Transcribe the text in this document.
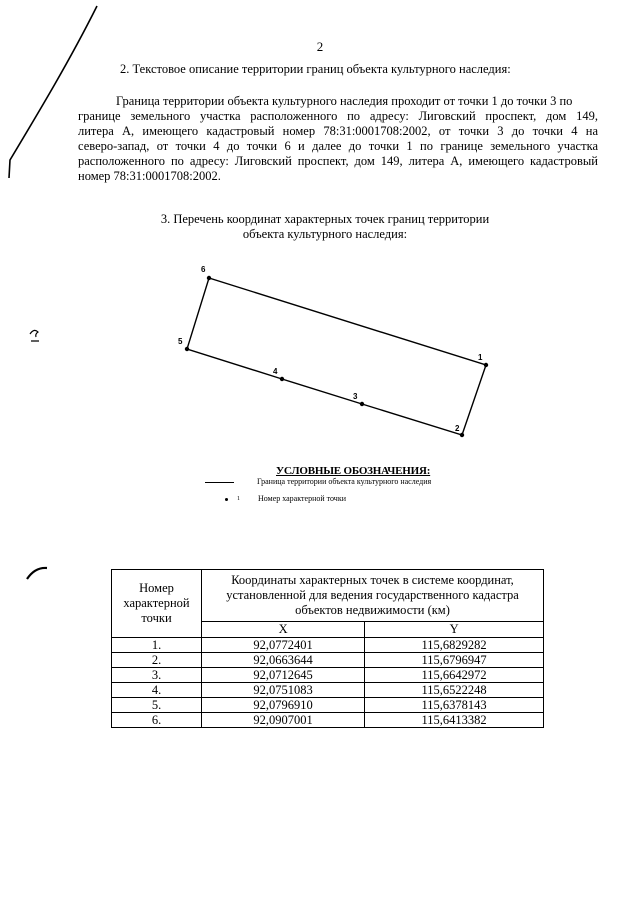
2
2. Текстовое описание территории границ объекта культурного наследия:
Граница территории объекта культурного наследия проходит от точки 1 до точки 3 по
границе земельного участка расположенного по адресу: Лиговский проспект, дом 149,
литера А, имеющего кадастровый номер 78:31:0001708:2002, от точки 3 до точки 4 на
северо-запад, от точки 4 до точки 6 и далее до точки 1 по границе земельного участка
расположенного по адресу: Лиговский проспект, дом 149, литера А, имеющего кадастровый
номер 78:31:0001708:2002.
3. Перечень координат характерных точек границ территории
объекта культурного наследия:
1
2
3
4
5
6
УСЛОВНЫЕ ОБОЗНАЧЕНИЯ:
Граница территории объекта культурного наследия
1 Номер характерной точки
Номер характерной точки	Координаты характерных точек в системе координат, установленной для ведения государственного кадастра объектов недвижимости (км)	
	X	Y
1.	92,0772401	115,6829282
2.	92,0663644	115,6796947
3.	92,0712645	115,6642972
4.	92,0751083	115,6522248
5.	92,0796910	115,6378143
6.	92,0907001	115,6413382
